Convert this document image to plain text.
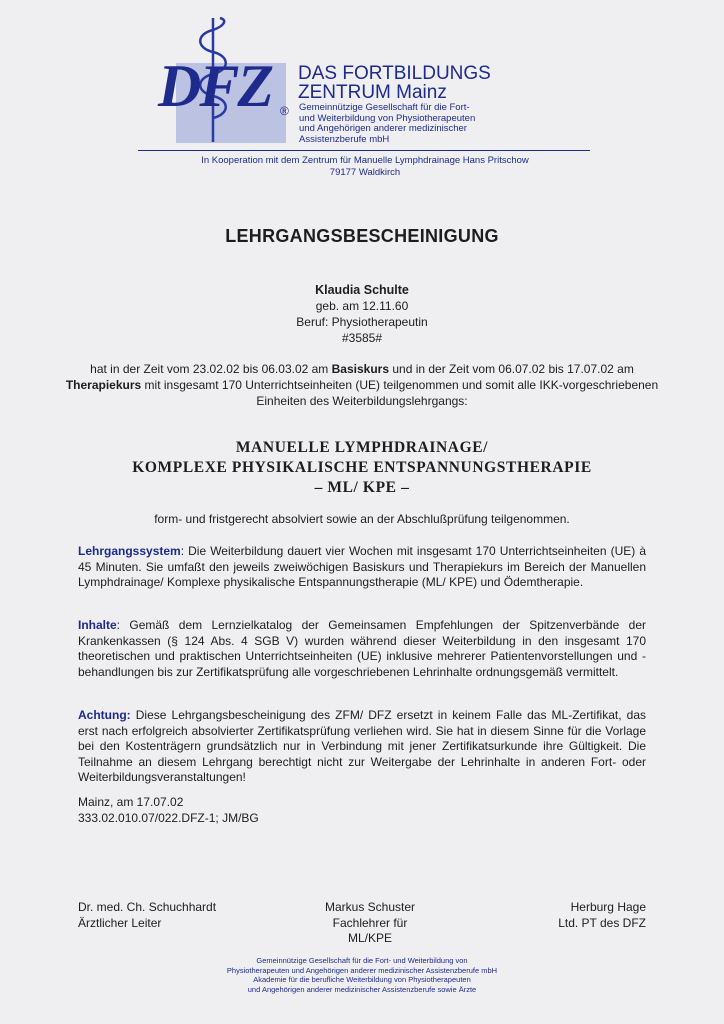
DFZ ®
DAS FORTBILDUNGS
ZENTRUM Mainz
Gemeinnützige Gesellschaft für die Fort-
und Weiterbildung von Physiotherapeuten
und Angehörigen anderer medizinischer
Assistenzberufe mbH
In Kooperation mit dem Zentrum für Manuelle Lymphdrainage Hans Pritschow
79177 Waldkirch
LEHRGANGSBESCHEINIGUNG
Klaudia Schulte
geb. am 12.11.60
Beruf: Physiotherapeutin
#3585#
hat in der Zeit vom 23.02.02 bis 06.03.02 am Basiskurs und in der Zeit vom 06.07.02 bis 17.07.02 am Therapiekurs mit insgesamt 170 Unterrichtseinheiten (UE) teilgenommen und somit alle IKK-vorgeschriebenen Einheiten des Weiterbildungslehrgangs:
MANUELLE LYMPHDRAINAGE/
KOMPLEXE PHYSIKALISCHE ENTSPANNUNGSTHERAPIE
– ML/ KPE –
form- und fristgerecht absolviert sowie an der Abschlußprüfung teilgenommen.
Lehrgangssystem: Die Weiterbildung dauert vier Wochen mit insgesamt 170 Unterrichtseinheiten (UE) à 45 Minuten. Sie umfaßt den jeweils zweiwöchigen Basiskurs und Therapiekurs im Bereich der Manuellen Lymphdrainage/ Komplexe physikalische Entspannungstherapie (ML/ KPE) und Ödemtherapie.
Inhalte: Gemäß dem Lernzielkatalog der Gemeinsamen Empfehlungen der Spitzenverbände der Krankenkassen (§ 124 Abs. 4 SGB V) wurden während dieser Weiterbildung in den insgesamt 170 theoretischen und praktischen Unterrichtseinheiten (UE) inklusive mehrerer Patientenvorstellungen und -behandlungen bis zur Zertifikatsprüfung alle vorgeschriebenen Lehrinhalte ordnungsgemäß vermittelt.
Achtung: Diese Lehrgangsbescheinigung des ZFM/ DFZ ersetzt in keinem Falle das ML-Zertifikat, das erst nach erfolgreich absolvierter Zertifikatsprüfung verliehen wird. Sie hat in diesem Sinne für die Vorlage bei den Kostenträgern grundsätzlich nur in Verbindung mit jener Zertifikatsurkunde ihre Gültigkeit. Die Teilnahme an diesem Lehrgang berechtigt nicht zur Weitergabe der Lehrinhalte in anderen Fort- oder Weiterbildungsveranstaltungen!
Mainz, am 17.07.02
333.02.010.07/022.DFZ-1; JM/BG
Dr. med. Ch. Schuchhardt
Ärztlicher Leiter
Markus Schuster
Fachlehrer für ML/KPE
Herburg Hage
Ltd. PT des DFZ
Gemeinnützige Gesellschaft für die Fort- und Weiterbildung von
Physiotherapeuten und Angehörigen anderer medizinischer Assistenzberufe mbH
Akademie für die berufliche Weiterbildung von Physiotherapeuten
und Angehörigen anderer medizinischer Assistenzberufe sowie Ärzte
